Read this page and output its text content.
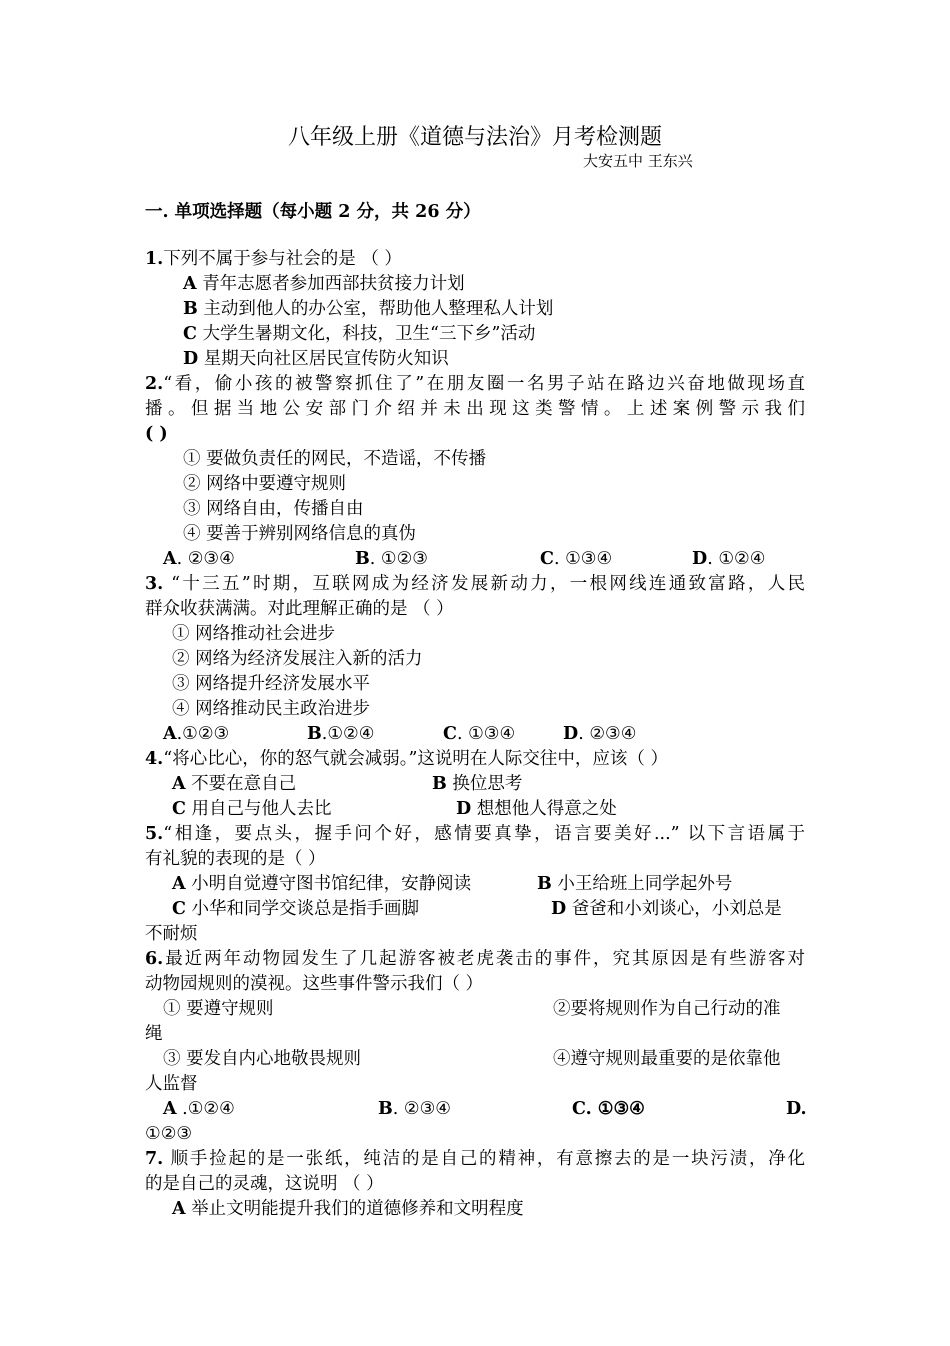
八年级上册《道德与法治》月考检测题
大安五中 王东兴
一. 单项选择题（每小题 2 分，共 26 分）
1.下列不属于参与社会的是 （ ）
A 青年志愿者参加西部扶贫接力计划
B 主动到他人的办公室，帮助他人整理私人计划
C 大学生暑期文化，科技，卫生“三下乡”活动
D 星期天向社区居民宣传防火知识
2.“看，偷小孩的被警察抓住了”在朋友圈一名男子站在路边兴奋地做现场直
播。但据当地公安部门介绍并未出现这类警情。上述案例警示我们
( )
① 要做负责任的网民，不造谣，不传播
② 网络中要遵守规则
③ 网络自由，传播自由
④ 要善于辨别网络信息的真伪
A. ②③④	B. ①②③	C. ①③④	D. ①②④
3. “十三五”时期，互联网成为经济发展新动力，一根网线连通致富路，人民
群众收获满满。对此理解正确的是 （ ）
① 网络推动社会进步
② 网络为经济发展注入新的活力
③ 网络提升经济发展水平
④ 网络推动民主政治进步
A.①②③	B.①②④	C. ①③④	D. ②③④
4.“将心比心，你的怒气就会减弱。”这说明在人际交往中，应该（ ）
A 不要在意自己	B 换位思考
C 用自己与他人去比	D 想想他人得意之处
5.“相逢，要点头，握手问个好，感情要真挚，语言要美好...” 以下言语属于
有礼貌的表现的是（ ）
A 小明自觉遵守图书馆纪律，安静阅读	B 小王给班上同学起外号
C 小华和同学交谈总是指手画脚	D 爸爸和小刘谈心，小刘总是
不耐烦
6.最近两年动物园发生了几起游客被老虎袭击的事件，究其原因是有些游客对
动物园规则的漠视。这些事件警示我们（ ）
① 要遵守规则	②要将规则作为自己行动的准
绳
③ 要发自内心地敬畏规则	④遵守规则最重要的是依靠他
人监督
A .①②④	B. ②③④	C. ①③④	D.
①②③
7. 顺手捡起的是一张纸，纯洁的是自己的精神，有意擦去的是一块污渍，净化
的是自己的灵魂，这说明 （ ）
A 举止文明能提升我们的道德修养和文明程度
